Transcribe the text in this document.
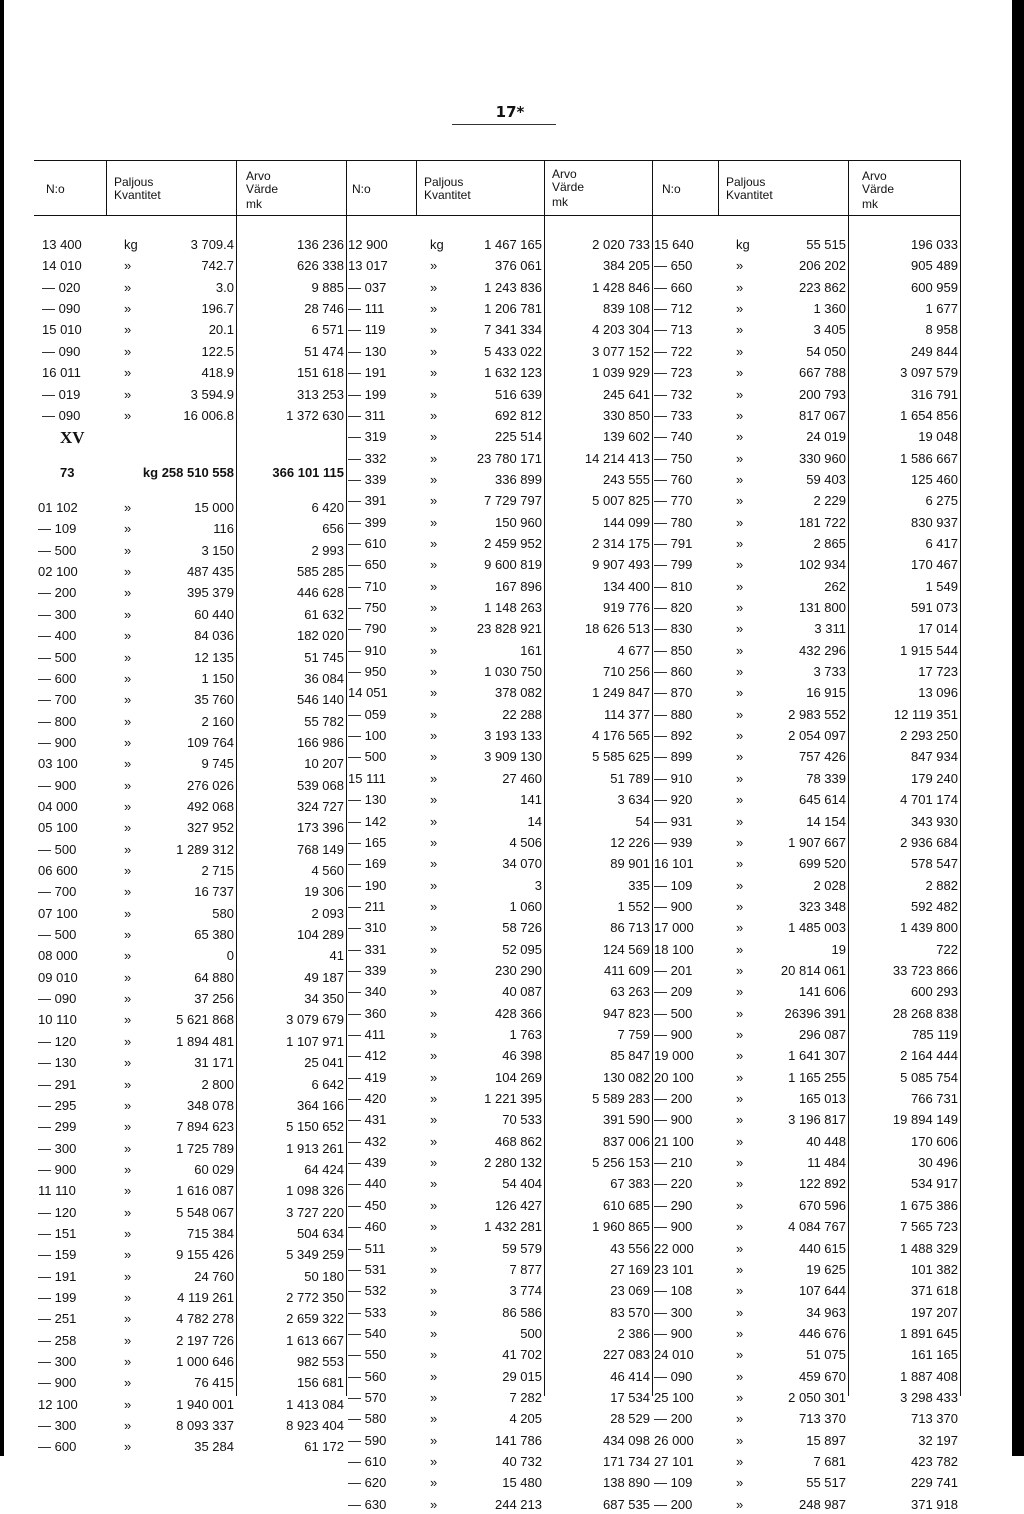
17*
N:o	Paljous
Kvantitet
Arvo
Värde
mk
N:o	Paljous
Kvantitet
Arvo
Värde
mk
N:o	Paljous
Kvantitet
Arvo
Värde
mk
XV
73	kg 258 510 558	366 101 115
13 400	kg	3 709.4	136 236
14 010	»	742.7	626 338
— 020	»	3.0	9 885
— 090	»	196.7	28 746
15 010	»	20.1	6 571
— 090	»	122.5	51 474
16 011	»	418.9	151 618
— 019	»	3 594.9	313 253
— 090	»	16 006.8	1 372 630
01 102	»	15 000	6 420
— 109	»	116	656
— 500	»	3 150	2 993
02 100	»	487 435	585 285
— 200	»	395 379	446 628
— 300	»	60 440	61 632
— 400	»	84 036	182 020
— 500	»	12 135	51 745
— 600	»	1 150	36 084
— 700	»	35 760	546 140
— 800	»	2 160	55 782
— 900	»	109 764	166 986
03 100	»	9 745	10 207
— 900	»	276 026	539 068
04 000	»	492 068	324 727
05 100	»	327 952	173 396
— 500	»	1 289 312	768 149
06 600	»	2 715	4 560
— 700	»	16 737	19 306
07 100	»	580	2 093
— 500	»	65 380	104 289
08 000	»	0	41
09 010	»	64 880	49 187
— 090	»	37 256	34 350
10 110	»	5 621 868	3 079 679
— 120	»	1 894 481	1 107 971
— 130	»	31 171	25 041
— 291	»	2 800	6 642
— 295	»	348 078	364 166
— 299	»	7 894 623	5 150 652
— 300	»	1 725 789	1 913 261
— 900	»	60 029	64 424
11 110	»	1 616 087	1 098 326
— 120	»	5 548 067	3 727 220
— 151	»	715 384	504 634
— 159	»	9 155 426	5 349 259
— 191	»	24 760	50 180
— 199	»	4 119 261	2 772 350
— 251	»	4 782 278	2 659 322
— 258	»	2 197 726	1 613 667
— 300	»	1 000 646	982 553
— 900	»	76 415	156 681
12 100	»	1 940 001	1 413 084
— 300	»	8 093 337	8 923 404
— 600	»	35 284	61 172
12 900	kg	1 467 165	2 020 733
13 017	»	376 061	384 205
— 037	»	1 243 836	1 428 846
— 111	»	1 206 781	839 108
— 119	»	7 341 334	4 203 304
— 130	»	5 433 022	3 077 152
— 191	»	1 632 123	1 039 929
— 199	»	516 639	245 641
— 311	»	692 812	330 850
— 319	»	225 514	139 602
— 332	»	23 780 171	14 214 413
— 339	»	336 899	243 555
— 391	»	7 729 797	5 007 825
— 399	»	150 960	144 099
— 610	»	2 459 952	2 314 175
— 650	»	9 600 819	9 907 493
— 710	»	167 896	134 400
— 750	»	1 148 263	919 776
— 790	»	23 828 921	18 626 513
— 910	»	161	4 677
— 950	»	1 030 750	710 256
14 051	»	378 082	1 249 847
— 059	»	22 288	114 377
— 100	»	3 193 133	4 176 565
— 500	»	3 909 130	5 585 625
15 111	»	27 460	51 789
— 130	»	141	3 634
— 142	»	14	54
— 165	»	4 506	12 226
— 169	»	34 070	89 901
— 190	»	3	335
— 211	»	1 060	1 552
— 310	»	58 726	86 713
— 331	»	52 095	124 569
— 339	»	230 290	411 609
— 340	»	40 087	63 263
— 360	»	428 366	947 823
— 411	»	1 763	7 759
— 412	»	46 398	85 847
— 419	»	104 269	130 082
— 420	»	1 221 395	5 589 283
— 431	»	70 533	391 590
— 432	»	468 862	837 006
— 439	»	2 280 132	5 256 153
— 440	»	54 404	67 383
— 450	»	126 427	610 685
— 460	»	1 432 281	1 960 865
— 511	»	59 579	43 556
— 531	»	7 877	27 169
— 532	»	3 774	23 069
— 533	»	86 586	83 570
— 540	»	500	2 386
— 550	»	41 702	227 083
— 560	»	29 015	46 414
— 570	»	7 282	17 534
— 580	»	4 205	28 529
— 590	»	141 786	434 098
— 610	»	40 732	171 734
— 620	»	15 480	138 890
— 630	»	244 213	687 535
15 640	kg	55 515	196 033
— 650	»	206 202	905 489
— 660	»	223 862	600 959
— 712	»	1 360	1 677
— 713	»	3 405	8 958
— 722	»	54 050	249 844
— 723	»	667 788	3 097 579
— 732	»	200 793	316 791
— 733	»	817 067	1 654 856
— 740	»	24 019	19 048
— 750	»	330 960	1 586 667
— 760	»	59 403	125 460
— 770	»	2 229	6 275
— 780	»	181 722	830 937
— 791	»	2 865	6 417
— 799	»	102 934	170 467
— 810	»	262	1 549
— 820	»	131 800	591 073
— 830	»	3 311	17 014
— 850	»	432 296	1 915 544
— 860	»	3 733	17 723
— 870	»	16 915	13 096
— 880	»	2 983 552	12 119 351
— 892	»	2 054 097	2 293 250
— 899	»	757 426	847 934
— 910	»	78 339	179 240
— 920	»	645 614	4 701 174
— 931	»	14 154	343 930
— 939	»	1 907 667	2 936 684
16 101	»	699 520	578 547
— 109	»	2 028	2 882
— 900	»	323 348	592 482
17 000	»	1 485 003	1 439 800
18 100	»	19	722
— 201	»	20 814 061	33 723 866
— 209	»	141 606	600 293
— 500	»	26396 391	28 268 838
— 900	»	296 087	785 119
19 000	»	1 641 307	2 164 444
20 100	»	1 165 255	5 085 754
— 200	»	165 013	766 731
— 900	»	3 196 817	19 894 149
21 100	»	40 448	170 606
— 210	»	11 484	30 496
— 220	»	122 892	534 917
— 290	»	670 596	1 675 386
— 900	»	4 084 767	7 565 723
22 000	»	440 615	1 488 329
23 101	»	19 625	101 382
— 108	»	107 644	371 618
— 300	»	34 963	197 207
— 900	»	446 676	1 891 645
24 010	»	51 075	161 165
— 090	»	459 670	1 887 408
25 100	»	2 050 301	3 298 433
— 200	»	713 370	713 370
26 000	»	15 897	32 197
27 101	»	7 681	423 782
— 109	»	55 517	229 741
— 200	»	248 987	371 918
